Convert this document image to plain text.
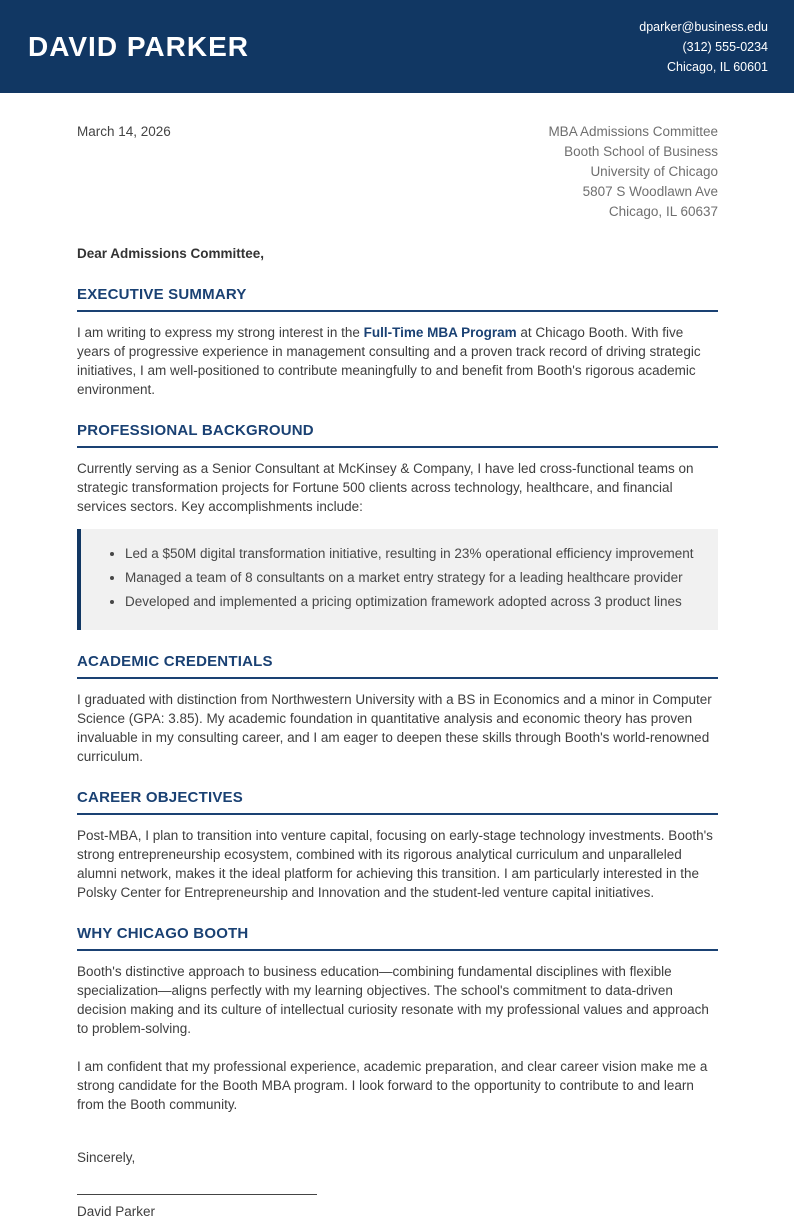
DAVID PARKER
dparker@business.edu
(312) 555-0234
Chicago, IL 60601
March 14, 2026	MBA Admissions Committee
Booth School of Business
University of Chicago
5807 S Woodlawn Ave
Chicago, IL 60637
Dear Admissions Committee,
EXECUTIVE SUMMARY
I am writing to express my strong interest in the Full-Time MBA Program at Chicago Booth. With five years of progressive experience in management consulting and a proven track record of driving strategic initiatives, I am well-positioned to contribute meaningfully to and benefit from Booth's rigorous academic environment.
PROFESSIONAL BACKGROUND
Currently serving as a Senior Consultant at McKinsey & Company, I have led cross-functional teams on strategic transformation projects for Fortune 500 clients across technology, healthcare, and financial services sectors. Key accomplishments include:
• Led a $50M digital transformation initiative, resulting in 23% operational efficiency improvement
• Managed a team of 8 consultants on a market entry strategy for a leading healthcare provider
• Developed and implemented a pricing optimization framework adopted across 3 product lines
ACADEMIC CREDENTIALS
I graduated with distinction from Northwestern University with a BS in Economics and a minor in Computer Science (GPA: 3.85). My academic foundation in quantitative analysis and economic theory has proven invaluable in my consulting career, and I am eager to deepen these skills through Booth's world-renowned curriculum.
CAREER OBJECTIVES
Post-MBA, I plan to transition into venture capital, focusing on early-stage technology investments. Booth's strong entrepreneurship ecosystem, combined with its rigorous analytical curriculum and unparalleled alumni network, makes it the ideal platform for achieving this transition. I am particularly interested in the Polsky Center for Entrepreneurship and Innovation and the student-led venture capital initiatives.
WHY CHICAGO BOOTH
Booth's distinctive approach to business education—combining fundamental disciplines with flexible specialization—aligns perfectly with my learning objectives. The school's commitment to data-driven decision making and its culture of intellectual curiosity resonate with my professional values and approach to problem-solving.
I am confident that my professional experience, academic preparation, and clear career vision make me a strong candidate for the Booth MBA program. I look forward to the opportunity to contribute to and learn from the Booth community.
Sincerely,
David Parker
